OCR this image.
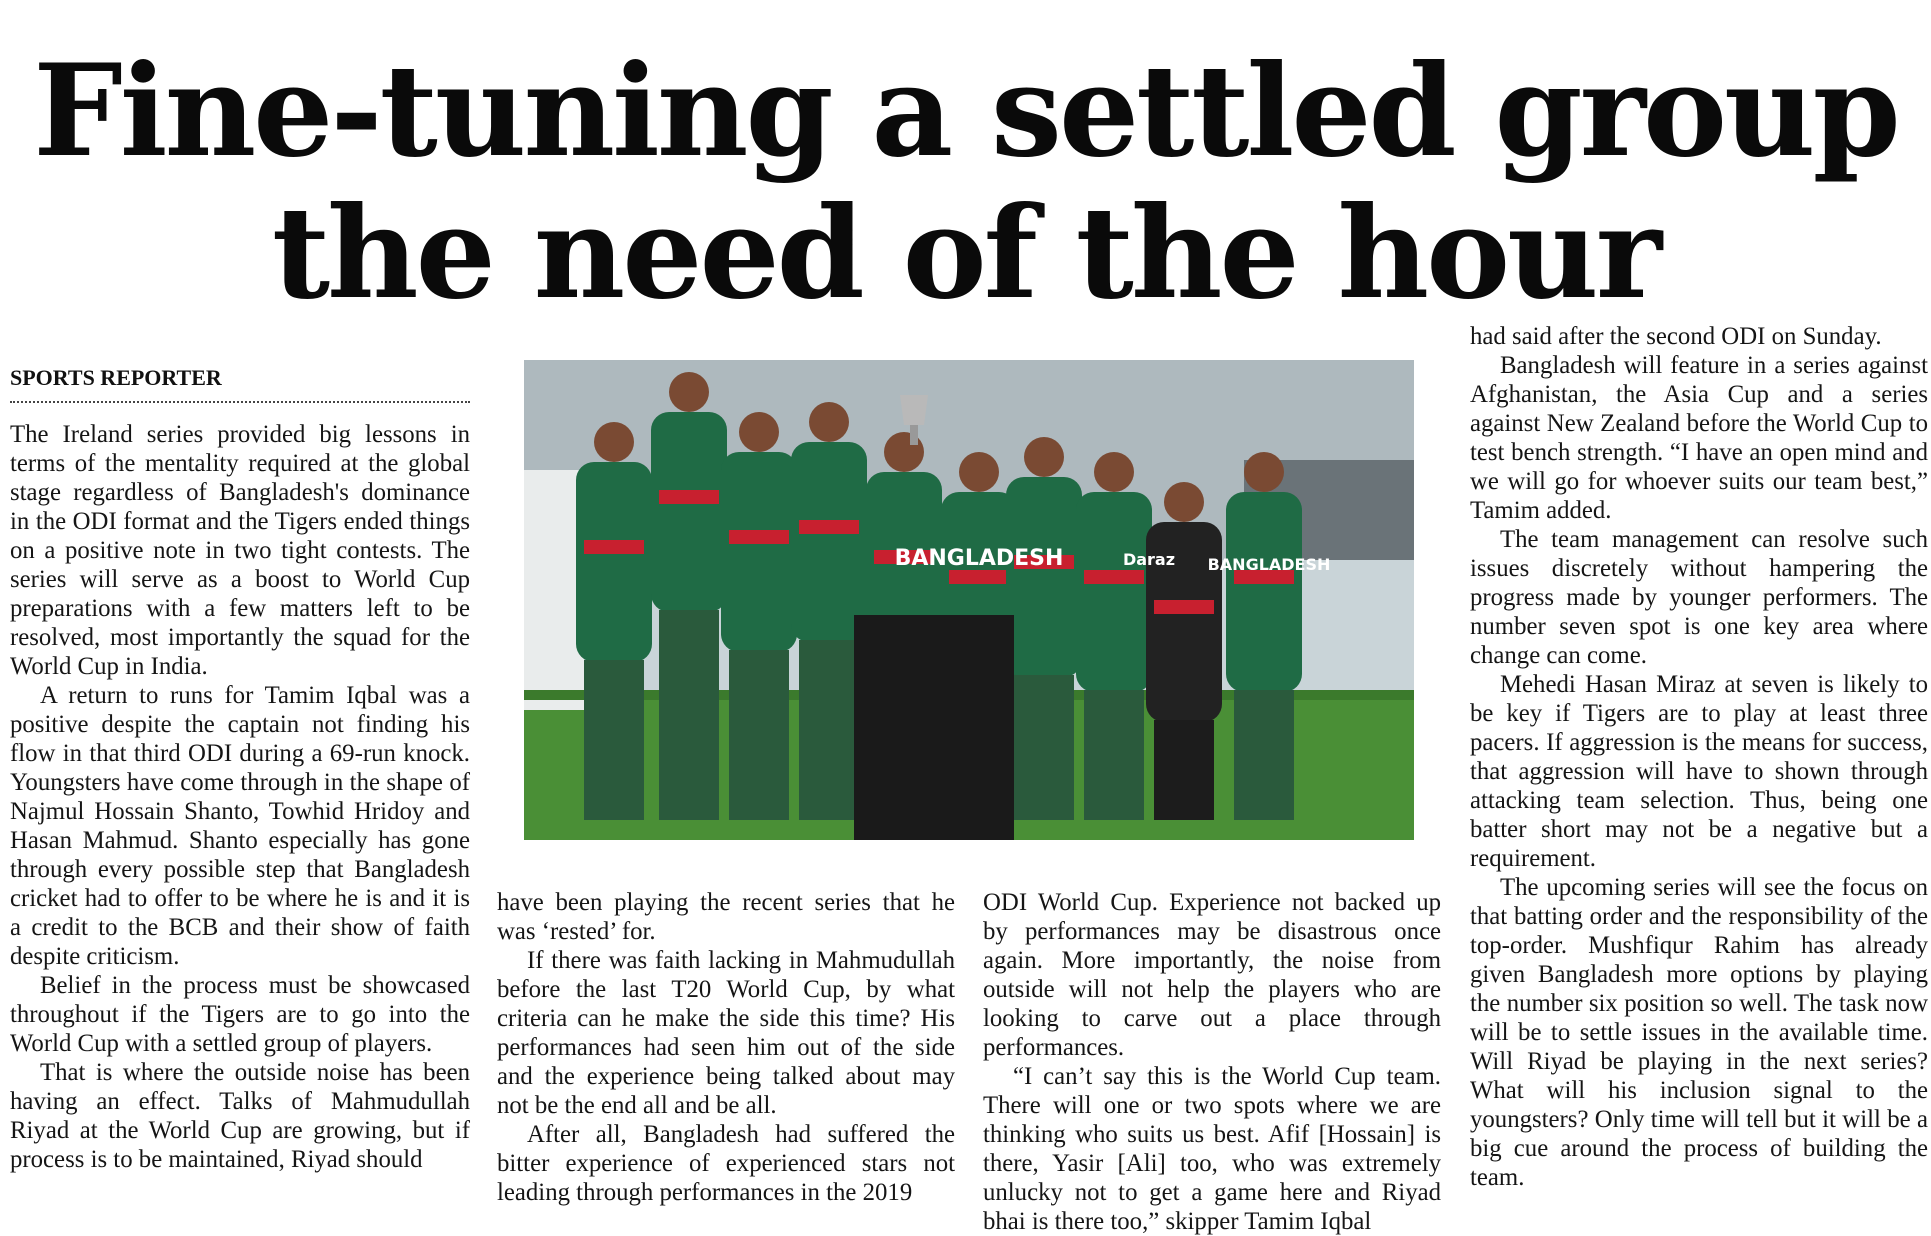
Fine-tuning a settled group
the need of the hour
SPORTS REPORTER

The Ireland series provided big lessons in terms of the mentality required at the global stage regardless of Bangladesh's dominance in the ODI format and the Tigers ended things on a positive note in two tight contests. The series will serve as a boost to World Cup preparations with a few matters left to be resolved, most importantly the squad for the World Cup in India.

A return to runs for Tamim Iqbal was a positive despite the captain not finding his flow in that third ODI during a 69-run knock. Youngsters have come through in the shape of Najmul Hossain Shanto, Towhid Hridoy and Hasan Mahmud. Shanto especially has gone through every possible step that Bangladesh cricket had to offer to be where he is and it is a credit to the BCB and their show of faith despite criticism.

Belief in the process must be showcased throughout if the Tigers are to go into the World Cup with a settled group of players.

That is where the outside noise has been having an effect. Talks of Mahmudullah Riyad at the World Cup are growing, but if process is to be maintained, Riyad should

BANGLADESH	BANGLADESH
Daraz

have been playing the recent series that he was ‘rested’ for.

If there was faith lacking in Mahmudullah before the last T20 World Cup, by what criteria can he make the side this time? His performances had seen him out of the side and the experience being talked about may not be the end all and be all.

After all, Bangladesh had suffered the bitter experience of experienced stars not leading through performances in the 2019

ODI World Cup. Experience not backed up by performances may be disastrous once again. More importantly, the noise from outside will not help the players who are looking to carve out a place through performances.

“I can’t say this is the World Cup team. There will one or two spots where we are thinking who suits us best. Afif [Hossain] is there, Yasir [Ali] too, who was extremely unlucky not to get a game here and Riyad bhai is there too,” skipper Tamim Iqbal

had said after the second ODI on Sunday.

Bangladesh will feature in a series against Afghanistan, the Asia Cup and a series against New Zealand before the World Cup to test bench strength. “I have an open mind and we will go for whoever suits our team best,” Tamim added.

The team management can resolve such issues discretely without hampering the progress made by younger performers. The number seven spot is one key area where change can come.

Mehedi Hasan Miraz at seven is likely to be key if Tigers are to play at least three pacers. If aggression is the means for success, that aggression will have to shown through attacking team selection. Thus, being one batter short may not be a negative but a requirement.

The upcoming series will see the focus on that batting order and the responsibility of the top-order. Mushfiqur Rahim has already given Bangladesh more options by playing the number six position so well. The task now will be to settle issues in the available time. Will Riyad be playing in the next series? What will his inclusion signal to the youngsters? Only time will tell but it will be a big cue around the process of building the team.
